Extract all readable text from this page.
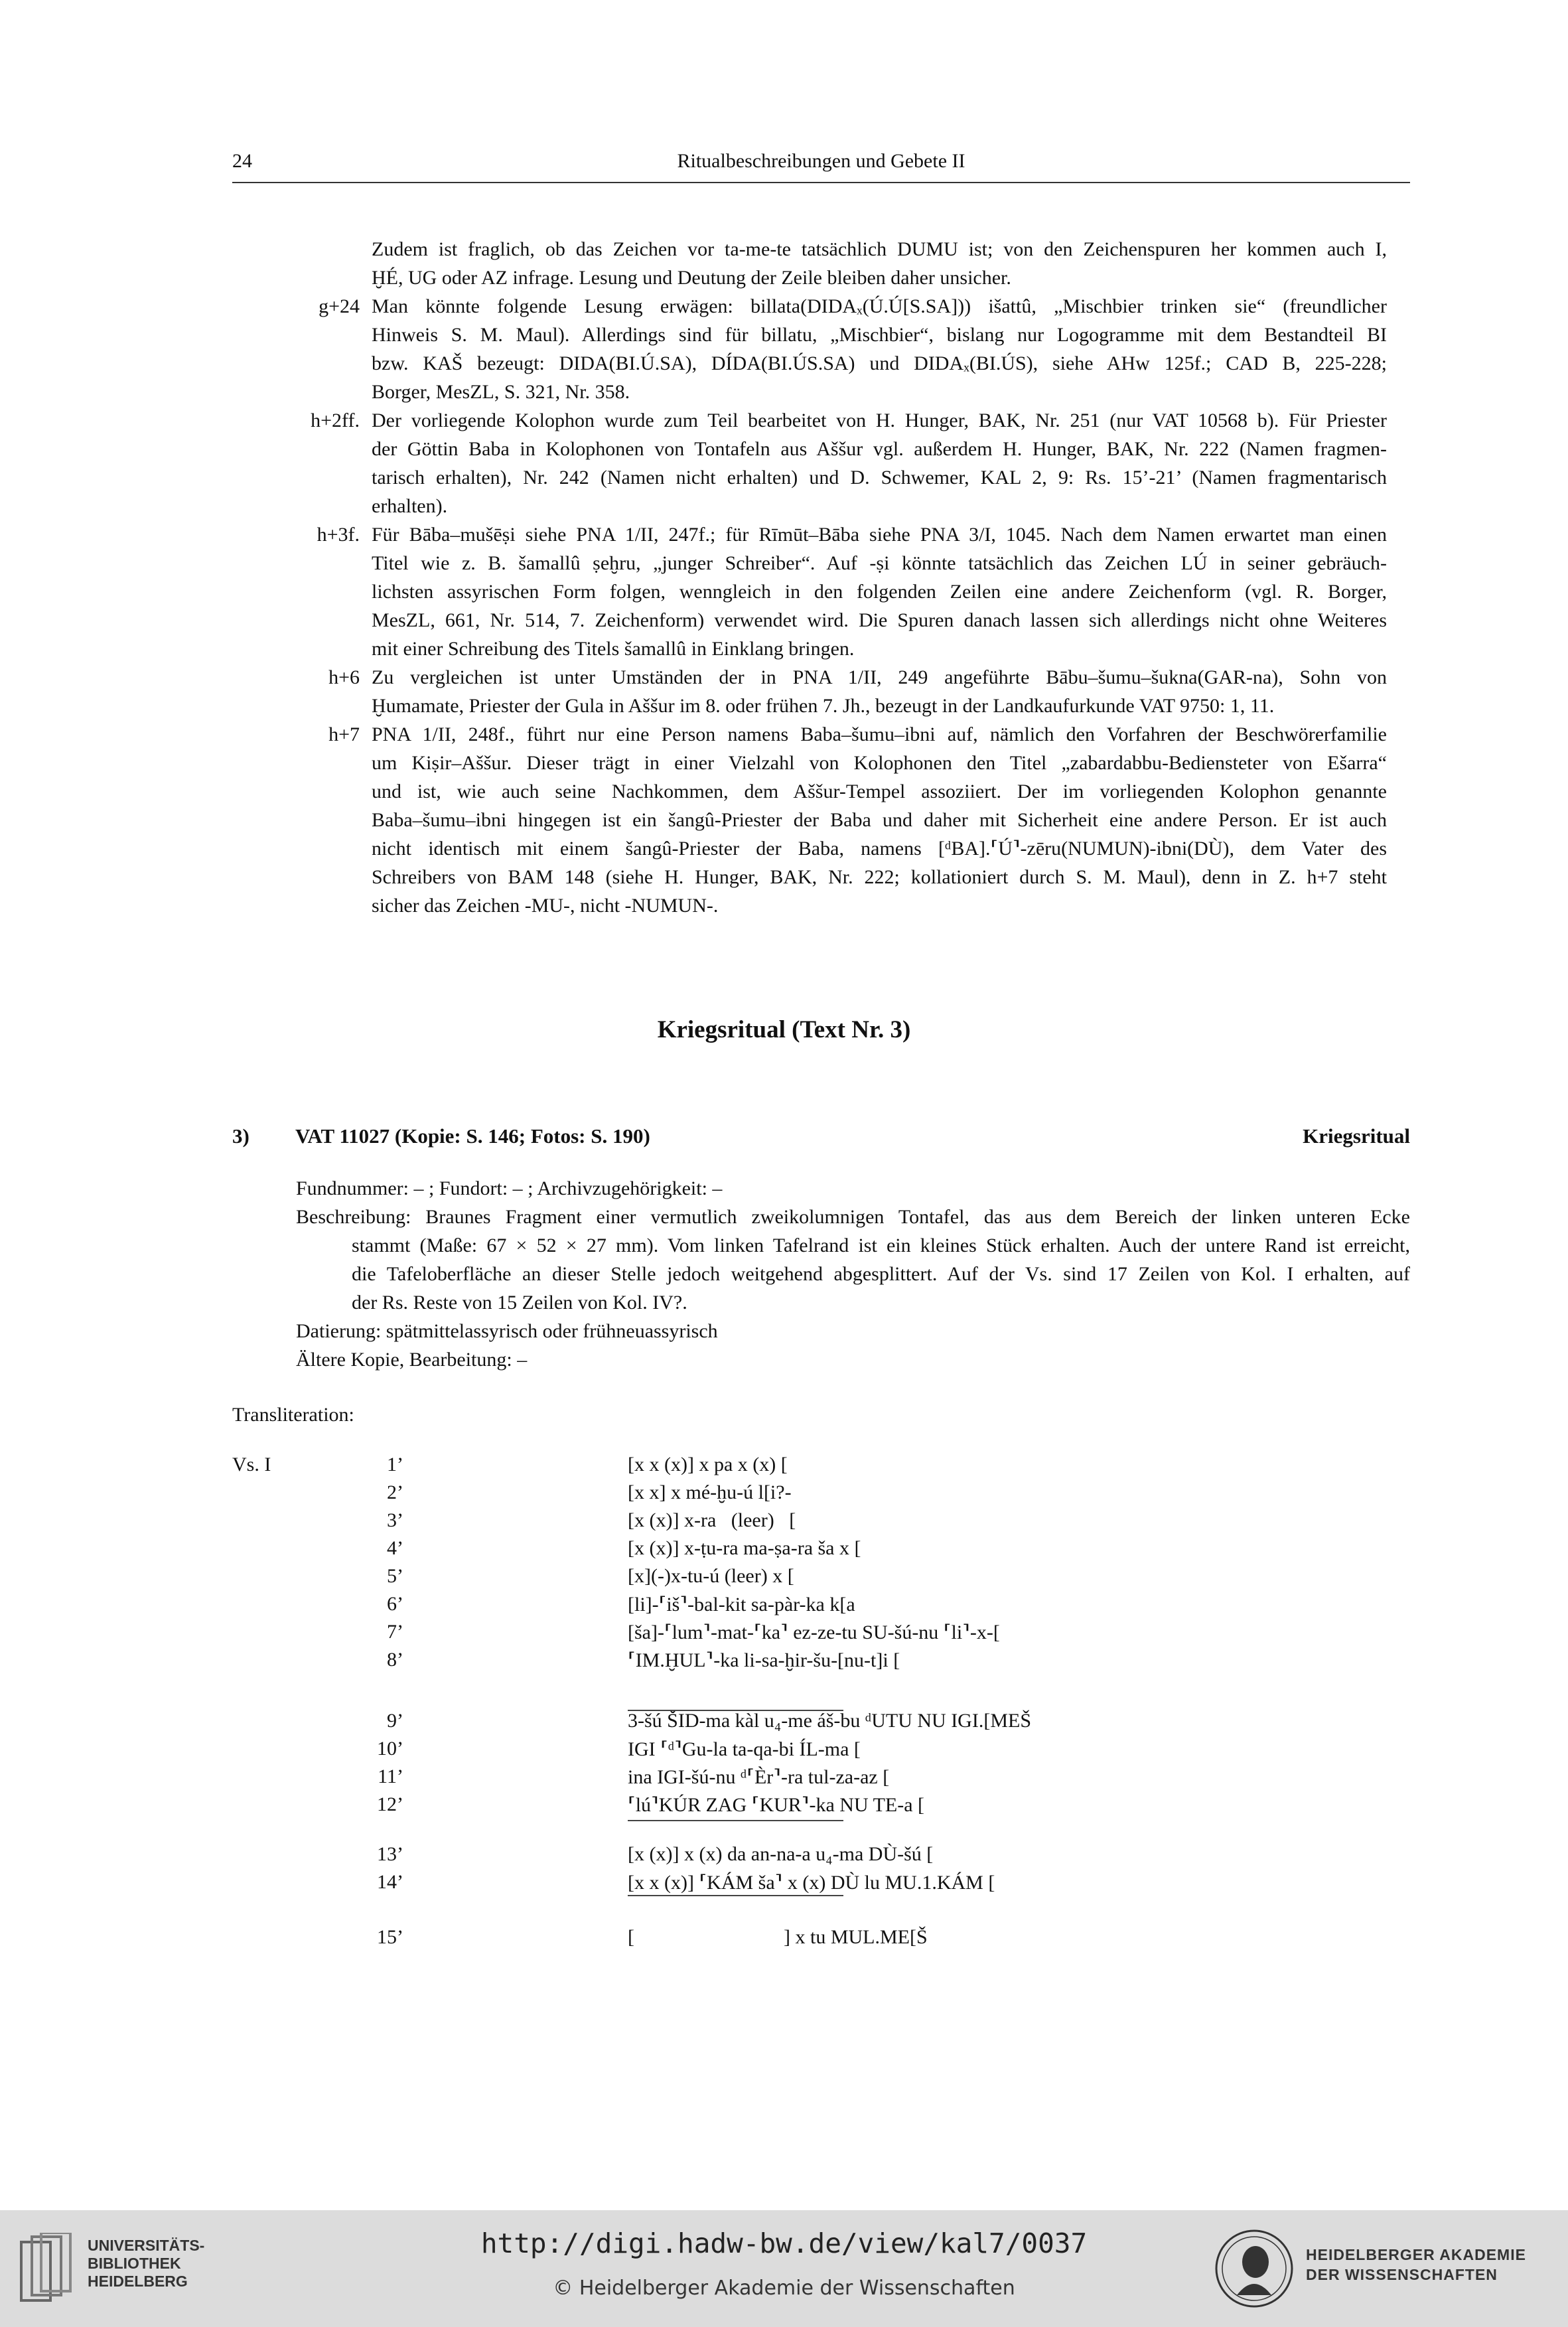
24	Ritualbeschreibungen und Gebete II
Zudem ist fraglich, ob das Zeichen vor ta-me-te tatsächlich DUMU ist; von den Zeichenspuren her kommen auch I,
ḪÉ, UG oder AZ infrage. Lesung und Deutung der Zeile bleiben daher unsicher.
g+24 Man könnte folgende Lesung erwägen: billata(DIDAₓ(Ú.Ú[S.SA])) išattû, „Mischbier trinken sie“ (freundlicher
Hinweis S. M. Maul). Allerdings sind für billatu, „Mischbier“, bislang nur Logogramme mit dem Bestandteil BI
bzw. KAŠ bezeugt: DIDA(BI.Ú.SA), DÍDA(BI.ÚS.SA) und DIDAₓ(BI.ÚS), siehe AHw 125f.; CAD B, 225-228;
Borger, MesZL, S. 321, Nr. 358.
h+2ff. Der vorliegende Kolophon wurde zum Teil bearbeitet von H. Hunger, BAK, Nr. 251 (nur VAT 10568 b). Für Priester
der Göttin Baba in Kolophonen von Tontafeln aus Aššur vgl. außerdem H. Hunger, BAK, Nr. 222 (Namen fragmen-
tarisch erhalten), Nr. 242 (Namen nicht erhalten) und D. Schwemer, KAL 2, 9: Rs. 15’-21’ (Namen fragmentarisch
erhalten).
h+3f. Für Bāba–mušēṣi siehe PNA 1/II, 247f.; für Rīmūt–Bāba siehe PNA 3/I, 1045. Nach dem Namen erwartet man einen
Titel wie z. B. šamallû ṣeḫru, „junger Schreiber“. Auf -ṣi könnte tatsächlich das Zeichen LÚ in seiner gebräuch-
lichsten assyrischen Form folgen, wenngleich in den folgenden Zeilen eine andere Zeichenform (vgl. R. Borger,
MesZL, 661, Nr. 514, 7. Zeichenform) verwendet wird. Die Spuren danach lassen sich allerdings nicht ohne Weiteres
mit einer Schreibung des Titels šamallû in Einklang bringen.
h+6 Zu vergleichen ist unter Umständen der in PNA 1/II, 249 angeführte Bābu–šumu–šukna(GAR-na), Sohn von
Ḫumamate, Priester der Gula in Aššur im 8. oder frühen 7. Jh., bezeugt in der Landkaufurkunde VAT 9750: 1, 11.
h+7 PNA 1/II, 248f., führt nur eine Person namens Baba–šumu–ibni auf, nämlich den Vorfahren der Beschwörerfamilie
um Kiṣir–Aššur. Dieser trägt in einer Vielzahl von Kolophonen den Titel „zabardabbu-Bediensteter von Ešarra“
und ist, wie auch seine Nachkommen, dem Aššur-Tempel assoziiert. Der im vorliegenden Kolophon genannte
Baba–šumu–ibni hingegen ist ein šangû-Priester der Baba und daher mit Sicherheit eine andere Person. Er ist auch
nicht identisch mit einem šangû-Priester der Baba, namens [ᵈBA].⸢Ú⸣-zēru(NUMUN)-ibni(DÙ), dem Vater des
Schreibers von BAM 148 (siehe H. Hunger, BAK, Nr. 222; kollationiert durch S. M. Maul), denn in Z. h+7 steht
sicher das Zeichen -MU-, nicht -NUMUN-.
Kriegsritual (Text Nr. 3)
3) VAT 11027 (Kopie: S. 146; Fotos: S. 190)	Kriegsritual
Fundnummer: – ; Fundort: – ; Archivzugehörigkeit: –
Beschreibung: Braunes Fragment einer vermutlich zweikolumnigen Tontafel, das aus dem Bereich der linken unteren Ecke
stammt (Maße: 67 × 52 × 27 mm). Vom linken Tafelrand ist ein kleines Stück erhalten. Auch der untere Rand ist erreicht,
die Tafeloberfläche an dieser Stelle jedoch weitgehend abgesplittert. Auf der Vs. sind 17 Zeilen von Kol. I erhalten, auf
der Rs. Reste von 15 Zeilen von Kol. IV?.
Datierung: spätmittelassyrisch oder frühneuassyrisch
Ältere Kopie, Bearbeitung: –
Transliteration:
Vs. I	1’	[x x (x)] x pa x (x) [
2’	[x x] x mé-ḫu-ú l[i?-
3’	[x (x)] x-ra   (leer)   [
4’	[x (x)] x-ṭu-ra ma-ṣa-ra ša x [
5’	[x](-)x-tu-ú (leer) x [
6’	[li]-⸢iš⸣-bal-kit sa-pàr-ka k[a
7’	[ša]-⸢lum⸣-mat-⸢ka⸣ ez-ze-tu SU-šú-nu ⸢li⸣-x-[
8’	⸢IM.ḪUL⸣-ka li-sa-ḫir-šu-[nu-t]i [
9’	3-šú ŠID-ma kàl u₄-me áš-bu ᵈUTU NU IGI.[MEŠ
10’	IGI ⸢ᵈ⸣Gu-la ta-qa-bi ÍL-ma [
11’	ina IGI-šú-nu ᵈ⸢Èr⸣-ra tul-za-az [
12’	⸢lú⸣KÚR ZAG ⸢KUR⸣-ka NU TE-a [
13’	[x (x)] x (x) da an-na-a u₄-ma DÙ-šú [
14’	[x x (x)] ⸢KÁM ša⸣ x (x) DÙ lu MU.1.KÁM [
15’	[                              ] x tu MUL.ME[Š
UNIVERSITÄTS-
BIBLIOTHEK
HEIDELBERG
http://digi.hadw-bw.de/view/kal7/0037
© Heidelberger Akademie der Wissenschaften
HEIDELBERGER AKADEMIE
DER WISSENSCHAFTEN
